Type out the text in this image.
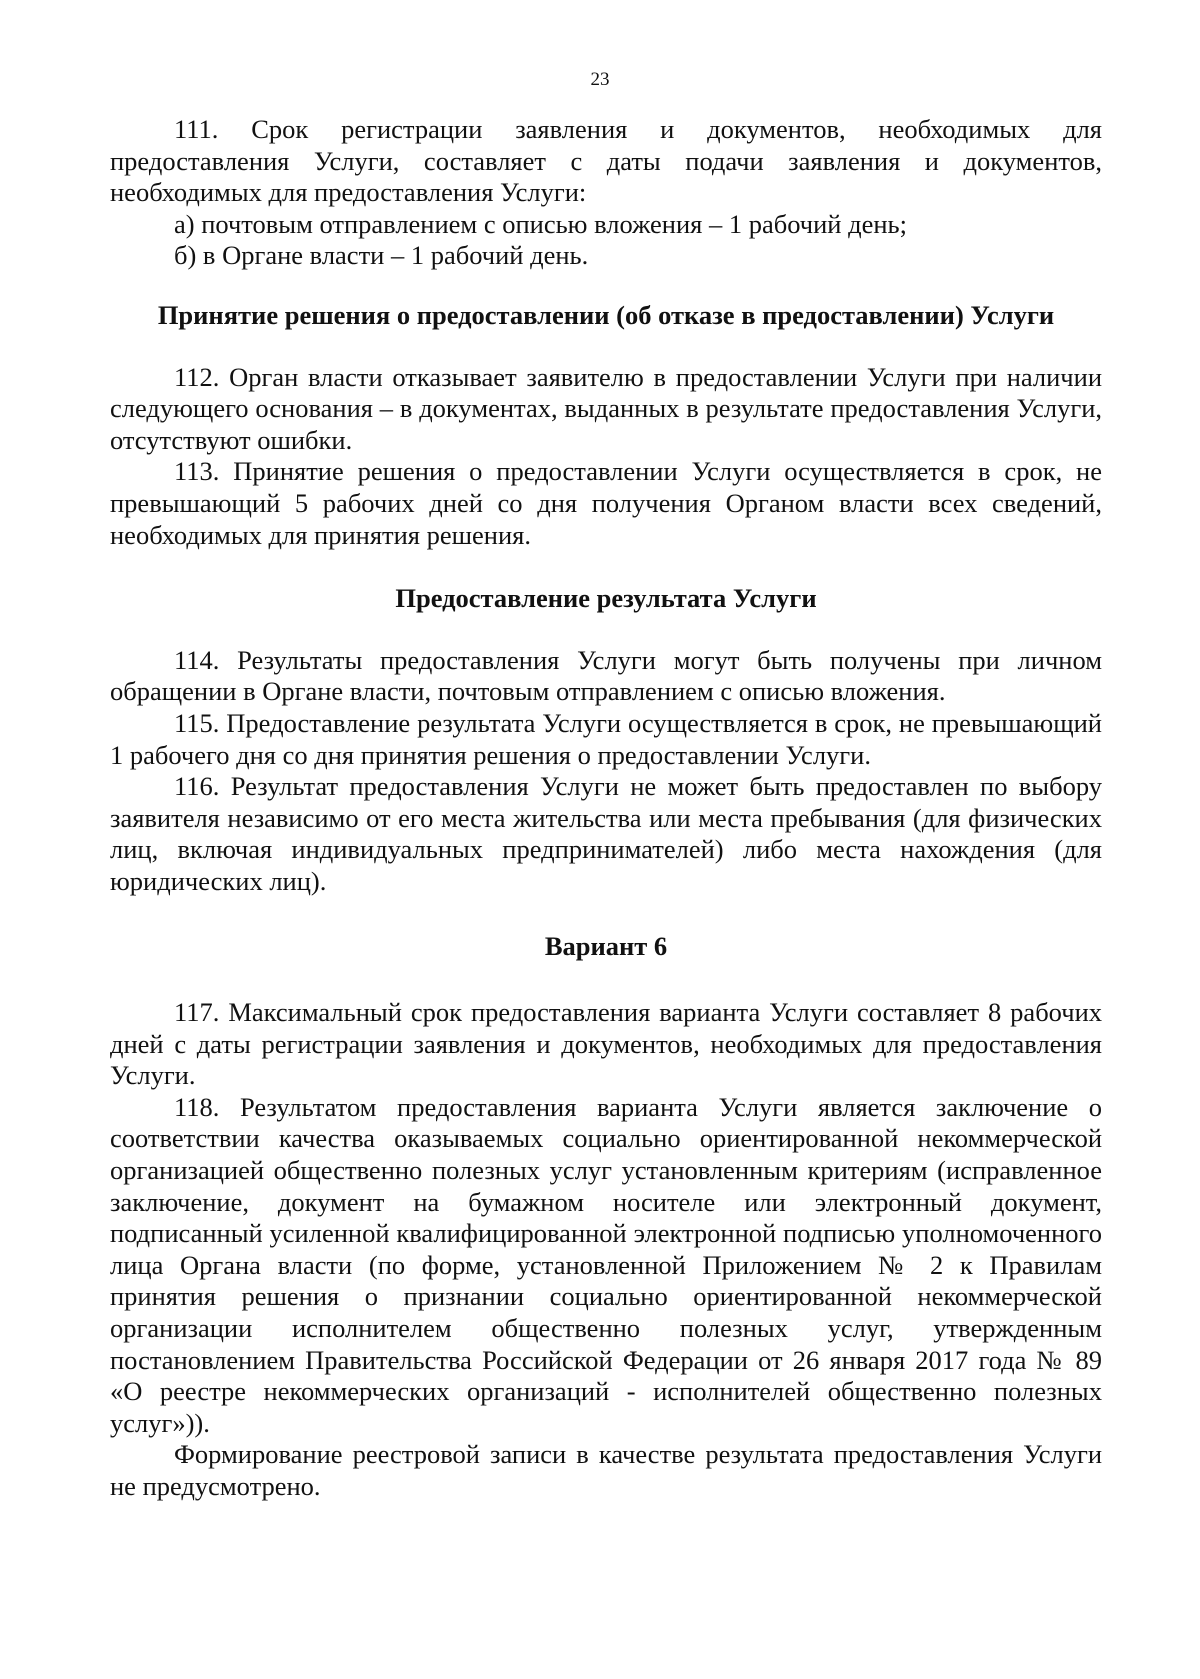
23

111. Срок регистрации заявления и документов, необходимых для предоставления Услуги, составляет с даты подачи заявления и документов, необходимых для предоставления Услуги:

а) почтовым отправлением с описью вложения – 1 рабочий день;

б) в Органе власти – 1 рабочий день.

Принятие решения о предоставлении (об отказе в предоставлении) Услуги

112. Орган власти отказывает заявителю в предоставлении Услуги при наличии следующего основания – в документах, выданных в результате предоставления Услуги, отсутствуют ошибки.

113. Принятие решения о предоставлении Услуги осуществляется в срок, не превышающий 5 рабочих дней со дня получения Органом власти всех сведений, необходимых для принятия решения.

Предоставление результата Услуги

114. Результаты предоставления Услуги могут быть получены при личном обращении в Органе власти, почтовым отправлением с описью вложения.

115. Предоставление результата Услуги осуществляется в срок, не превышающий 1 рабочего дня со дня принятия решения о предоставлении Услуги.

116. Результат предоставления Услуги не может быть предоставлен по выбору заявителя независимо от его места жительства или места пребывания (для физических лиц, включая индивидуальных предпринимателей) либо места нахождения (для юридических лиц).

Вариант 6

117. Максимальный срок предоставления варианта Услуги составляет 8 рабочих дней с даты регистрации заявления и документов, необходимых для предоставления Услуги.

118. Результатом предоставления варианта Услуги является заключение о соответствии качества оказываемых социально ориентированной некоммерческой организацией общественно полезных услуг установленным критериям (исправленное заключение, документ на бумажном носителе или электронный документ, подписанный усиленной квалифицированной электронной подписью уполномоченного лица Органа власти (по форме, установленной Приложением № 2 к Правилам принятия решения о признании социально ориентированной некоммерческой организации исполнителем общественно полезных услуг, утвержденным постановлением Правительства Российской Федерации от 26 января 2017 года № 89 «О реестре некоммерческих организаций - исполнителей общественно полезных услуг»)).

Формирование реестровой записи в качестве результата предоставления Услуги не предусмотрено.
